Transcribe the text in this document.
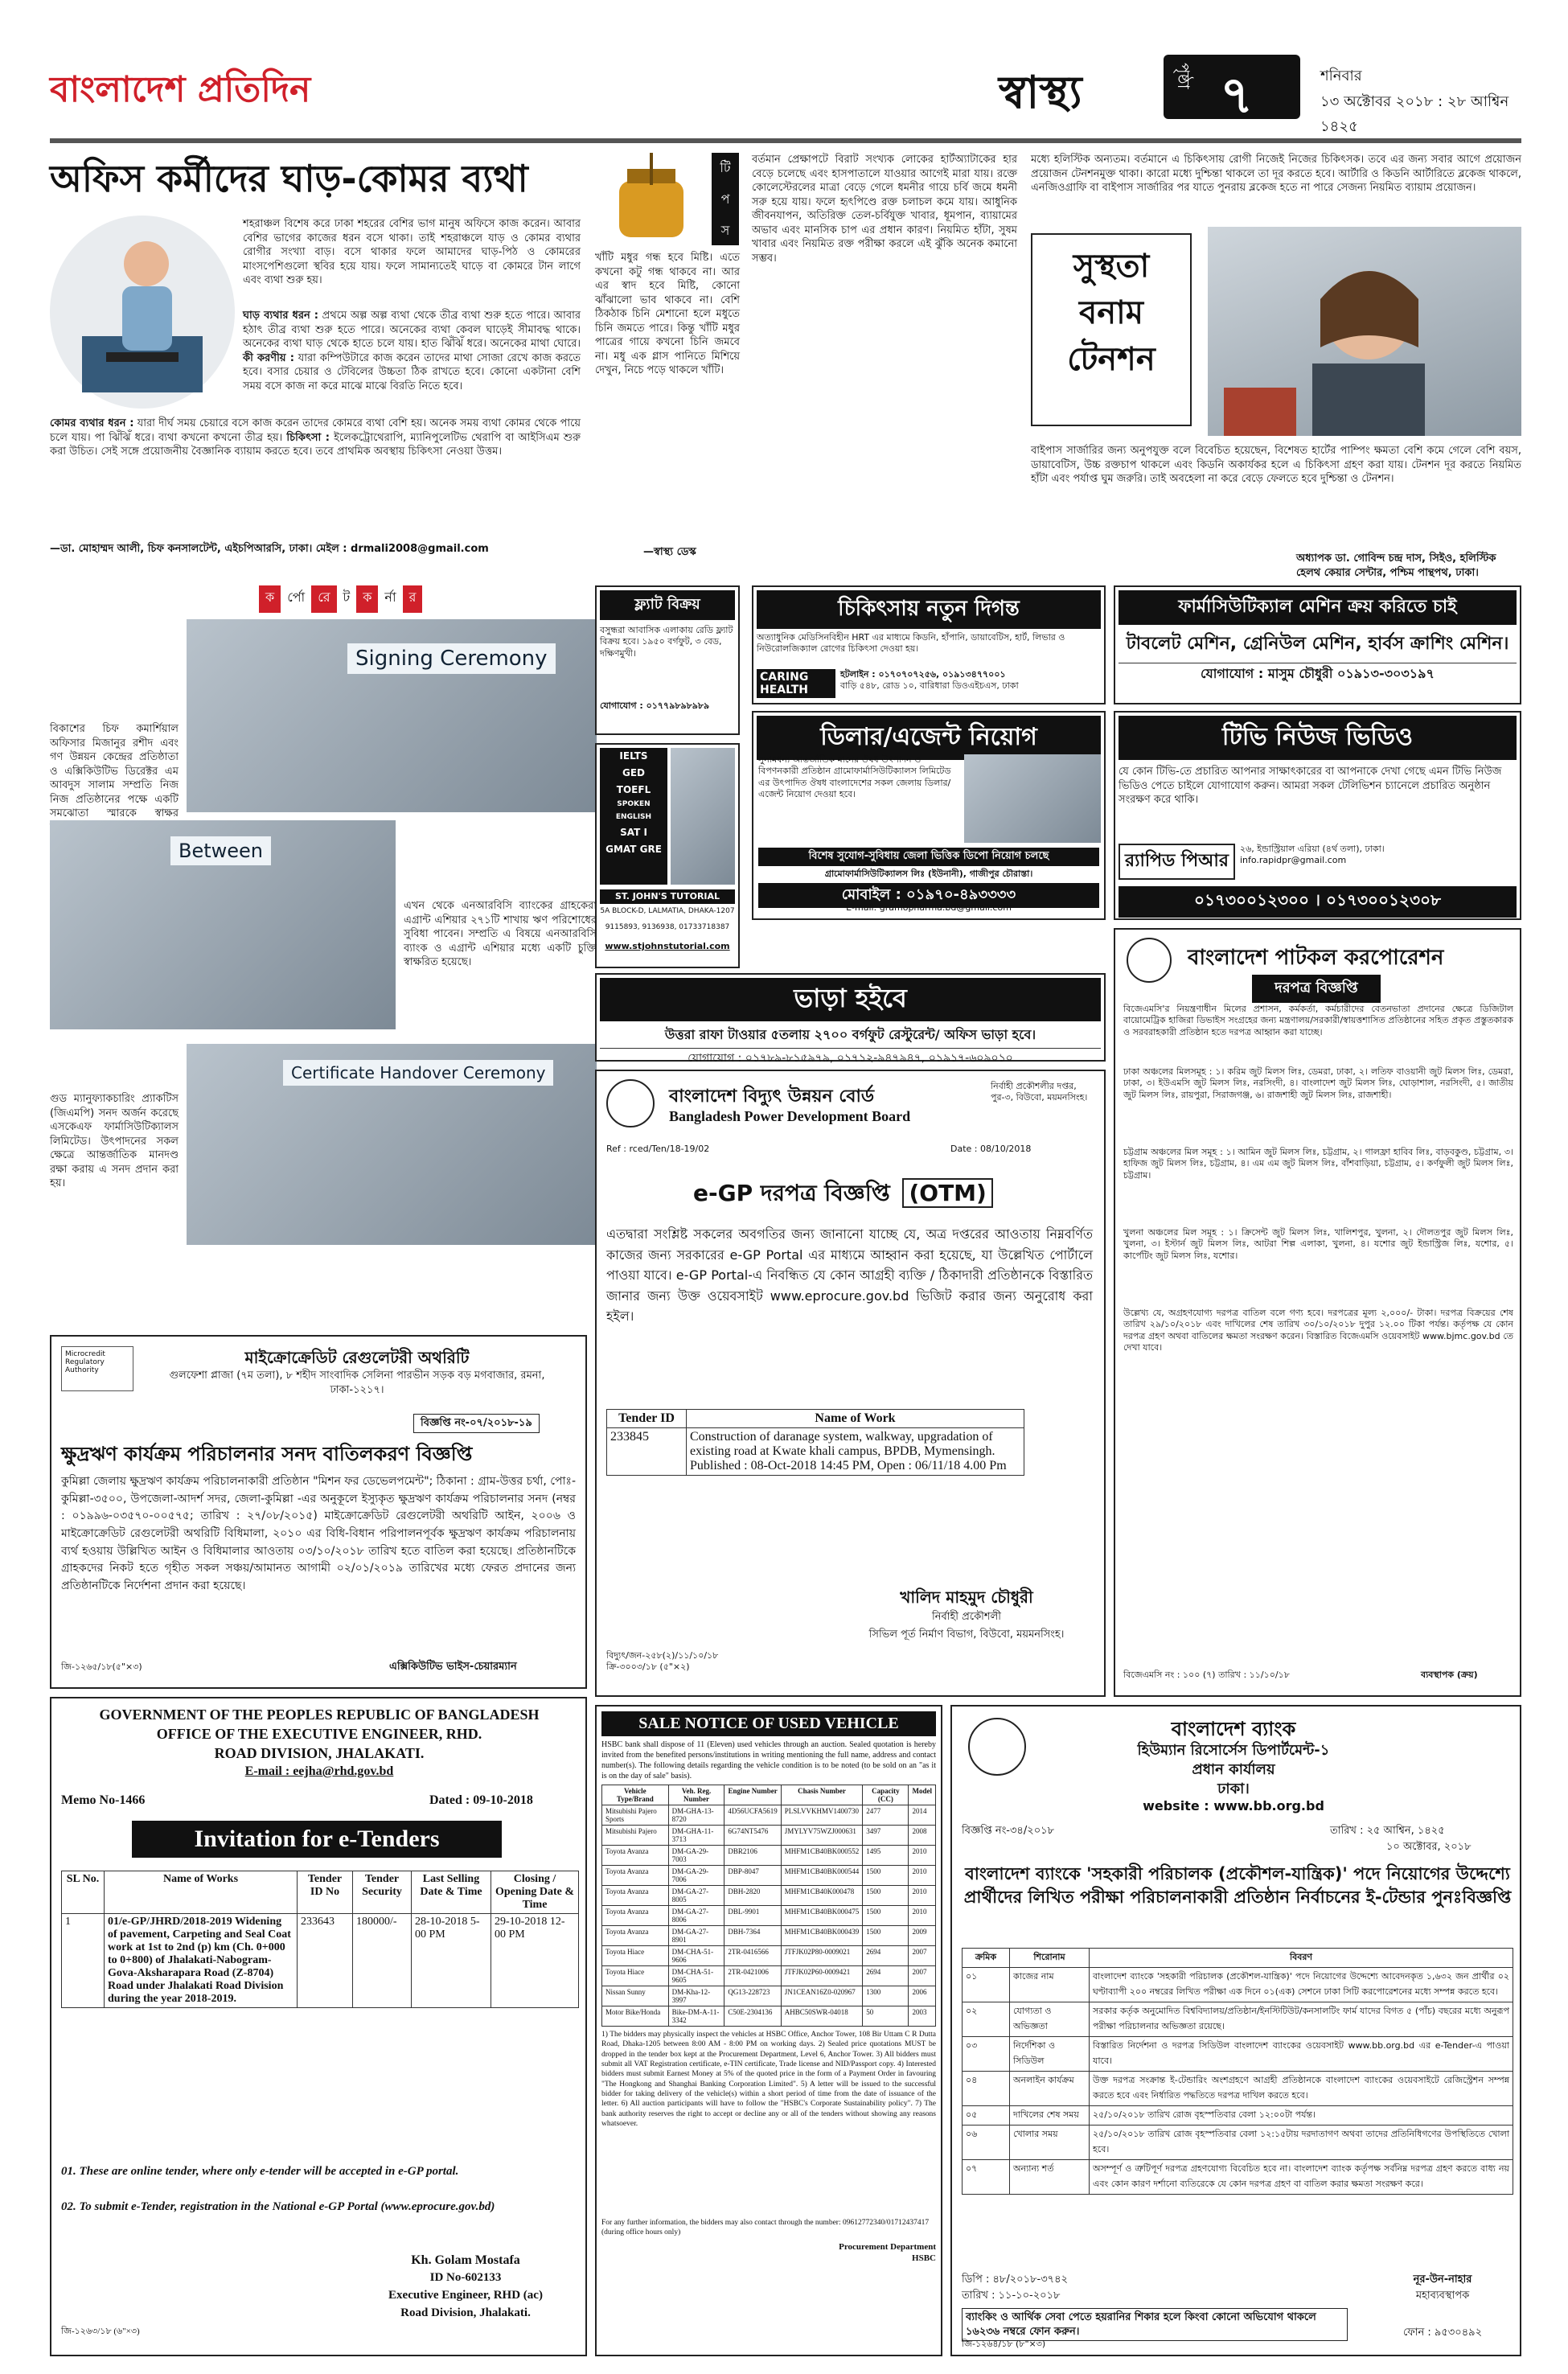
বাংলাদেশ প্রতিদিন	স্বাস্থ্য	পৃষ্ঠা ৭	শনিবার
১৩ অক্টোবর ২০১৮ : ২৮ আশ্বিন ১৪২৫
অফিস কর্মীদের ঘাড়-কোমর ব্যথা
শহরাঞ্চল বিশেষ করে ঢাকা শহরের বেশির ভাগ মানুষ অফিসে কাজ করেন। আবার বেশির ভাগের কাজের ধরন বসে থাকা। তাই শহরাঞ্চলে যাড় ও কোমর ব্যথার রোগীর সংখ্যা বাড়। বসে থাকার ফলে আমাদের ঘাড়-পিঠ ও কোমরের মাংসপেশিগুলো স্থবির হয়ে যায়। ফলে সামান্যতেই ঘাড়ে বা কোমরে টান লাগে এবং ব্যথা শুরু হয়।
ঘাড় ব্যথার ধরন : প্রথমে অল্প অল্প ব্যথা থেকে তীব্র ব্যথা শুরু হতে পারে। আবার হঠাৎ তীব্র ব্যথা শুরু হতে পারে। অনেকের ব্যথা কেবল ঘাড়েই সীমাবদ্ধ থাকে। অনেকের ব্যথা ঘাড় থেকে হাতে চলে যায়। হাত ঝিঁঝিঁ ধরে। অনেকের মাথা ঘোরে। কী করণীয় : যারা কম্পিউটারে কাজ করেন তাদের মাথা সোজা রেখে কাজ করতে হবে। বসার চেয়ার ও টেবিলের উচ্চতা ঠিক রাখতে হবে। কোনো একটানা বেশি সময় বসে কাজ না করে মাঝে মাঝে বিরতি নিতে হবে।
কোমর ব্যথার ধরন : যারা দীর্ঘ সময় চেয়ারে বসে কাজ করেন তাদের কোমরে ব্যথা বেশি হয়। অনেক সময় ব্যথা কোমর থেকে পায়ে চলে যায়। পা ঝিঁঝিঁ ধরে। ব্যথা কখনো কখনো তীব্র হয়। চিকিৎসা : ইলেকট্রোথেরাপি, ম্যানিপুলেটিভ থেরাপি বা আইসিএম শুরু করা উচিত। সেই সঙ্গে প্রয়োজনীয় বৈজ্ঞানিক ব্যায়াম করতে হবে। তবে প্রাথমিক অবস্থায় চিকিৎসা নেওয়া উত্তম।
—ডা. মোহাম্মদ আলী, চিফ কনসালটেন্ট, এইচপিআরসি, ঢাকা। মেইল : drmali2008@gmail.com
টি
প
স
খাঁটি মধুর গন্ধ হবে মিষ্টি। এতে কখনো কটু গন্ধ থাকবে না। আর এর স্বাদ হবে মিষ্টি, কোনো ঝাঁঝালো ভাব থাকবে না। বেশি ঠিকঠাক চিনি মেশানো হলে মধুতে চিনি জমতে পারে। কিন্তু খাঁটি মধুর পাত্রের গায়ে কখনো চিনি জমবে না। মধু এক গ্লাস পানিতে মিশিয়ে দেখুন, নিচে পড়ে থাকলে খাঁটি।
—স্বাস্থ্য ডেস্ক
বর্তমান প্রেক্ষাপটে বিরাট সংখ্যক লোকের হার্টঅ্যাটাকের হার বেড়ে চলেছে এবং হাসপাতালে যাওয়ার আগেই মারা যায়। রক্তে কোলেস্টেরলের মাত্রা বেড়ে গেলে ধমনীর গায়ে চর্বি জমে ধমনী সরু হয়ে যায়। ফলে হৃৎপিণ্ডে রক্ত চলাচল কমে যায়। আধুনিক জীবনযাপন, অতিরিক্ত তেল-চর্বিযুক্ত খাবার, ধূমপান, ব্যায়ামের অভাব এবং মানসিক চাপ এর প্রধান কারণ। নিয়মিত হাঁটা, সুষম খাবার এবং নিয়মিত রক্ত পরীক্ষা করলে এই ঝুঁকি অনেক কমানো সম্ভব।
মধ্যে হলিস্টিক অন্যতম। বর্তমানে এ চিকিৎসায় রোগী নিজেই নিজের চিকিৎসক। তবে এর জন্য সবার আগে প্রয়োজন প্রয়োজন টেনশনমুক্ত থাকা। কারো মধ্যে দুশ্চিন্তা থাকলে তা দূর করতে হবে। আর্টারি ও কিডনি আর্টারিতে ব্লকেজ থাকলে, এনজিওগ্রাফি বা বাইপাস সার্জারির পর যাতে পুনরায় ব্লকেজ হতে না পারে সেজন্য নিয়মিত ব্যায়াম প্রয়োজন।
সুস্থতা
বনাম
টেনশন
বাইপাস সার্জারির জন্য অনুপযুক্ত বলে বিবেচিত হয়েছেন, বিশেষত হার্টের পাম্পিং ক্ষমতা বেশি কমে গেলে বেশি বয়স, ডায়াবেটিস, উচ্চ রক্তচাপ থাকলে এবং কিডনি অকার্যকর হলে এ চিকিৎসা গ্রহণ করা যায়। টেনশন দূর করতে নিয়মিত হাঁটা এবং পর্যাপ্ত ঘুম জরুরি। তাই অবহেলা না করে বেড়ে ফেলতে হবে দুশ্চিন্তা ও টেনশন।
অধ্যাপক ডা. গোবিন্দ চন্দ্র দাস, সিইও, হলিস্টিক হেলথ কেয়ার সেন্টার, পশ্চিম পান্থপথ, ঢাকা।
ক	র্পো	রে	ট	ক	র্না	র
বিকাশের চিফ কমার্শিয়াল অফিসার মিজানুর রশীদ এবং গণ উন্নয়ন কেন্দ্রের প্রতিষ্ঠাতা ও এক্সিকিউটিভ ডিরেক্টর এম আবদুস সালাম সম্প্রতি নিজ নিজ প্রতিষ্ঠানের পক্ষে একটি সমঝোতা স্মারকে স্বাক্ষর
Signing Ceremony
Between
এখন থেকে এনআরবিসি ব্যাংকের গ্রাহকেরা এগ্রান্ট এশিয়ার ২৭১টি শাখায় ঋণ পরিশোধের সুবিধা পাবেন। সম্প্রতি এ বিষয়ে এনআরবিসি ব্যাংক ও এগ্রান্ট এশিয়ার মধ্যে একটি চুক্তি স্বাক্ষরিত হয়েছে।
গুড ম্যানুফ্যাকচারিং প্র্যাকটিস (জিএমপি) সনদ অর্জন করেছে এসকেএফ ফার্মাসিউটিক্যালস লিমিটেড। উৎপাদনের সকল ক্ষেত্রে আন্তর্জাতিক মানদণ্ড রক্ষা করায় এ সনদ প্রদান করা হয়।
Certificate Handover Ceremony
ফ্ল্যাট বিক্রয়
বসুন্ধরা আবাসিক এলাকায় রেডি ফ্ল্যাট বিক্রয় হবে। ১৯৫০ বর্গফুট, ৩ বেড, দক্ষিণমুখী।
যোগাযোগ : ০১৭৭৯৮৯৮৯৮৯
IELTS
GED
TOEFL
SPOKEN ENGLISH
SAT I
GMAT GRE
ST. JOHN'S TUTORIAL
5A BLOCK-D, LALMATIA, DHAKA-1207
9115893, 9136938, 01733718387
www.stjohnstutorial.com
চিকিৎসায় নতুন দিগন্ত
অত্যাধুনিক মেডিসিনবিহীন HRT এর মাধ্যমে কিডনি, হাঁপানি, ডায়াবেটিস, হার্ট, লিভার ও নিউরোলজিক্যাল রোগের চিকিৎসা দেওয়া হয়।
CARING HEALTH
হটলাইন : ০১৭০৭০৭২৫৬, ০১৯১৩৪৭৭০০১
বাড়ি ৫৪৮, রোড ১০, বারিধারা ডিওএইচএস, ঢাকা
ফার্মাসিউটিক্যাল মেশিন ক্রয় করিতে চাই
টাবলেট মেশিন, গ্রেনিউল মেশিন, হার্বস ক্রাশিং মেশিন।
যোগাযোগ : মাসুম চৌধুরী ০১৯১৩-৩০৩১৯৭
ডিলার/এজেন্ট নিয়োগ
সুনামধন্য আন্তর্জাতিক মানের ঔষধ উৎপাদন ও বিপণনকারী প্রতিষ্ঠান গ্রামোফার্মাসিউটিক্যালস লিমিটেড এর উৎপাদিত ঔষধ বাংলাদেশের সকল জেলায় ডিলার/এজেন্ট নিয়োগ দেওয়া হবে।
বিশেষ সুযোগ-সুবিধায় জেলা ভিত্তিক ডিপো নিয়োগ চলছে
গ্রামোফার্মাসিউটিক্যালস লিঃ (ইউনানী), গাজীপুর চৌরাস্তা।
মোবাইল : ০১৯৭০-৪৯৩৩৩৩
E-mail: gramopharma.bd@gmail.com
টিভি নিউজ ভিডিও
যে কোন টিভি-তে প্রচারিত আপনার সাক্ষাৎকারের বা আপনাকে দেখা গেছে এমন টিভি নিউজ ভিডিও পেতে চাইলে যোগাযোগ করুন। আমরা সকল টেলিভিশন চ্যানেলে প্রচারিত অনুষ্ঠান সংরক্ষণ করে থাকি।
র‍্যাপিড পিআর
২৬, ইন্ডাস্ট্রিয়াল এরিয়া (৪র্থ তলা), ঢাকা।
info.rapidpr@gmail.com
০১৭৩০০১২৩০০ । ০১৭৩০০১২৩০৮
ভাড়া হইবে
উত্তরা রাফা টাওয়ার ৫তলায় ২৭০০ বর্গফুট রেস্টুরেন্ট/ অফিস ভাড়া হবে।
যোগাযোগ : ০১৭৮৯-৮১৫৯৭৯, ০১৭১২-৯৪৭৯৪৭, ০১৯১৭-৬০৯০১০
বাংলাদেশ বিদ্যুৎ উন্নয়ন বোর্ড
Bangladesh Power Development Board
নির্বাহী প্রকৌশলীর দপ্তর, পুর-৩, বিউবো, ময়মনসিংহ।
Ref : rced/Ten/18-19/02	Date : 08/10/2018
e-GP দরপত্র বিজ্ঞপ্তি (OTM)
এতদ্বারা সংশ্লিষ্ট সকলের অবগতির জন্য জানানো যাচ্ছে যে, অত্র দপ্তরের আওতায় নিম্নবর্ণিত কাজের জন্য সরকারের e-GP Portal এর মাধ্যমে আহ্বান করা হয়েছে, যা উল্লেখিত পোর্টালে পাওয়া যাবে। e-GP Portal-এ নিবন্ধিত যে কোন আগ্রহী ব্যক্তি / ঠিকাদারী প্রতিষ্ঠানকে বিস্তারিত জানার জন্য উক্ত ওয়েবসাইট www.eprocure.gov.bd ভিজিট করার জন্য অনুরোধ করা হইল।
Tender ID	Name of Work
233845	Construction of daranage system, walkway, upgradation of existing road at Kwate khali campus, BPDB, Mymensingh. Published : 08-Oct-2018 14:45 PM, Open : 06/11/18 4.00 Pm
খালিদ মাহমুদ চৌধুরী
নির্বাহী প্রকৌশলী
সিভিল পূর্ত নির্মাণ বিভাগ, বিউবো, ময়মনসিংহ।
বিদ্যুৎ/জন-২৫৮(২)/১১/১০/১৮ ক্রি-৩০০৩/১৮ (৫"×২)
বাংলাদেশ পাটকল করপোরেশন
দরপত্র বিজ্ঞপ্তি
বিজেএমসি'র নিয়ন্ত্রণাধীন মিলের প্রশাসন, কর্মকর্তা, কর্মচারীদের বেতনভাতা প্রদানের ক্ষেত্রে ডিজিটাল বায়োমেট্রিক হাজিরা ডিভাইস সংগ্রহের জন্য মন্ত্রণালয়/সরকারী/স্বায়ত্তশাসিত প্রতিষ্ঠানের সহিত প্রকৃত প্রস্তুতকারক ও সরবরাহকারী প্রতিষ্ঠান হতে দরপত্র আহ্বান করা যাচ্ছে।
ঢাকা অঞ্চলের মিলসমূহ : ১। করিম জুট মিলস লিঃ, ডেমরা, ঢাকা, ২। লতিফ বাওয়ানী জুট মিলস লিঃ, ডেমরা, ঢাকা, ৩। ইউএমসি জুট মিলস লিঃ, নরসিংদী, ৪। বাংলাদেশ জুট মিলস লিঃ, ঘোড়াশাল, নরসিংদী, ৫। জাতীয় জুট মিলস লিঃ, রায়পুরা, সিরাজগঞ্জ, ৬। রাজশাহী জুট মিলস লিঃ, রাজশাহী।
চট্টগ্রাম অঞ্চলের মিল সমূহ : ১। আমিন জুট মিলস লিঃ, চট্টগ্রাম, ২। গালফ্রা হাবিব লিঃ, বাড়বকুণ্ড, চট্টগ্রাম, ৩। হাফিজ জুট মিলস লিঃ, চট্টগ্রাম, ৪। এম এম জুট মিলস লিঃ, বাঁশবাড়িয়া, চট্টগ্রাম, ৫। কর্ণফুলী জুট মিলস লিঃ, চট্টগ্রাম।
খুলনা অঞ্চলের মিল সমূহ : ১। ক্রিসেন্ট জুট মিলস লিঃ, খালিশপুর, খুলনা, ২। দৌলতপুর জুট মিলস লিঃ, খুলনা, ৩। ইস্টার্ন জুট মিলস লিঃ, আটরা শিল্প এলাকা, খুলনা, ৪। যশোর জুট ইন্ডাস্ট্রিজ লিঃ, যশোর, ৫। কার্পেটিং জুট মিলস লিঃ, যশোর।
উল্লেখ্য যে, অগ্রহণযোগ্য দরপত্র বাতিল বলে গণ্য হবে। দরপত্রের মূল্য ২,০০০/- টাকা। দরপত্র বিক্রয়ের শেষ তারিখ ২৯/১০/২০১৮ এবং দাখিলের শেষ তারিখ ৩০/১০/২০১৮ দুপুর ১২.০০ টিকা পর্যন্ত। কর্তৃপক্ষ যে কোন দরপত্র গ্রহণ অথবা বাতিলের ক্ষমতা সংরক্ষণ করেন। বিস্তারিত বিজেএমসি ওয়েবসাইট www.bjmc.gov.bd তে দেখা যাবে।
বিজেএমসি নং : ১০০ (৭) তারিখ : ১১/১০/১৮	ব্যবস্থাপক (ক্রয়)
Microcredit Regulatory Authority
মাইক্রোক্রেডিট রেগুলেটরী অথরিটি
গুলফেশা প্লাজা (৭ম তলা), ৮ শহীদ সাংবাদিক সেলিনা পারভীন সড়ক বড় মগবাজার, রমনা, ঢাকা-১২১৭।
বিজ্ঞপ্তি নং-০৭/২০১৮-১৯
ক্ষুদ্রঋণ কার্যক্রম পরিচালনার সনদ বাতিলকরণ বিজ্ঞপ্তি
কুমিল্লা জেলায় ক্ষুদ্রঋণ কার্যক্রম পরিচালনাকারী প্রতিষ্ঠান "মিশন ফর ডেভেলপমেন্ট"; ঠিকানা : গ্রাম-উত্তর চর্থা, পোঃ-কুমিল্লা-৩৫০০, উপজেলা-আদর্শ সদর, জেলা-কুমিল্লা -এর অনুকূলে ইস্যুকৃত ক্ষুদ্রঋণ কার্যক্রম পরিচালনার সনদ (নম্বর : ০১৯৯৬-০৩৫৭০-০০৫৭৫; তারিখ : ২৭/০৮/২০১৫) মাইক্রোক্রেডিট রেগুলেটরী অথরিটি আইন, ২০০৬ ও মাইক্রোক্রেডিট রেগুলেটরী অথরিটি বিধিমালা, ২০১০ এর বিধি-বিধান পরিপালনপূর্বক ক্ষুদ্রঋণ কার্যক্রম পরিচালনায় ব্যর্থ হওয়ায় উল্লিখিত আইন ও বিধিমালার আওতায় ০৩/১০/২০১৮ তারিখ হতে বাতিল করা হয়েছে। প্রতিষ্ঠানটিকে গ্রাহকদের নিকট হতে গৃহীত সকল সঞ্চয়/আমানত আগামী ০২/০১/২০১৯ তারিখের মধ্যে ফেরত প্রদানের জন্য প্রতিষ্ঠানটিকে নির্দেশনা প্রদান করা হয়েছে।
জি-১২৬৫/১৮(৫"×৩)	এক্সিকিউটিভ ভাইস-চেয়ারম্যান
GOVERNMENT OF THE PEOPLES REPUBLIC OF BANGLADESH
OFFICE OF THE EXECUTIVE ENGINEER, RHD.
ROAD DIVISION, JHALAKATI.
E-mail : eejha@rhd.gov.bd
Memo No-1466	Dated : 09-10-2018
Invitation for e-Tenders
SL No.	Name of Works	Tender ID No	Tender Security	Last Selling Date & Time	Closing / Opening Date & Time
1	01/e-GP/JHRD/2018-2019 Widening of pavement, Carpeting and Seal Coat work at 1st to 2nd (p) km (Ch. 0+000 to 0+800) of Jhalakati-Nabogram-Gova-Aksharapara Road (Z-8704) Road under Jhalakati Road Division during the year 2018-2019.	233643	180000/-	28-10-2018 5-00 PM	29-10-2018 12-00 PM
01. These are online tender, where only e-tender will be accepted in e-GP portal.
02. To submit e-Tender, registration in the National e-GP Portal (www.eprocure.gov.bd)
Kh. Golam Mostafa
ID No-602133
Executive Engineer, RHD (ac)
Road Division, Jhalakati.
জি-১২৬৩/১৮ (৬"×৩)
SALE NOTICE OF USED VEHICLE
HSBC bank shall dispose of 11 (Eleven) used vehicles through an auction. Sealed quotation is hereby invited from the benefited persons/institutions in writing mentioning the full name, address and contact number(s). The following details regarding the vehicle condition is to be noted (to be sold on an "as it is on the day of sale" basis).
Vehicle Type/Brand	Veh. Reg. Number	Engine Number	Chasis Number	Capacity (CC)	Model
Mitsubishi Pajero Sports	DM-GHA-13-8720	4D56UCFA5619	PLSLVVKHMV1400730	2477	2014
Mitsubishi Pajero	DM-GHA-11-3713	6G74NT5476	JMYLYV75WZJ000631	3497	2008
Toyota Avanza	DM-GA-29-7003	DBR2106	MHFM1CB40BK000552	1495	2010
Toyota Avanza	DM-GA-29-7006	DBP-8047	MHFM1CB40BK000544	1500	2010
Toyota Avanza	DM-GA-27-8005	DBH-2820	MHFM1CB40K000478	1500	2010
Toyota Avanza	DM-GA-27-8006	DBL-9901	MHFM1CB40BK000475	1500	2010
Toyota Avanza	DM-GA-27-8901	DBH-7364	MHFM1CB40BK000439	1500	2009
Toyota Hiace	DM-CHA-51-9606	2TR-0416566	JTFJK02P80-0009021	2694	2007
Toyota Hiace	DM-CHA-51-9605	2TR-0421006	JTFJK02P60-0009421	2694	2007
Nissan Sunny	DM-Kha-12-3997	QG13-228723	JN1CEAN16Z0-020967	1300	2006
Motor Bike/Honda	Bike-DM-A-11-3342	C50E-2304136	AHBC50SWR-04018	50	2003
1) The bidders may physically inspect the vehicles at HSBC Office, Anchor Tower, 108 Bir Uttam C R Dutta Road, Dhaka-1205 between 8:00 AM - 8:00 PM on working days. 2) Sealed price quotations MUST be dropped in the tender box kept at the Procurement Department, Level 6, Anchor Tower. 3) All bidders must submit all VAT Registration certificate, e-TIN certificate, Trade license and NID/Passport copy. 4) Interested bidders must submit Earnest Money at 5% of the quoted price in the form of a Payment Order in favouring "The Hongkong and Shanghai Banking Corporation Limited". 5) A letter will be issued to the successful bidder for taking delivery of the vehicle(s) within a short period of time from the date of issuance of the letter. 6) All auction participants will have to follow the "HSBC's Corporate Sustainability policy". 7) The bank authority reserves the right to accept or decline any or all of the tenders without showing any reasons whatsoever.
For any further information, the bidders may also contact through the number: 09612772340/01712437417 (during office hours only)
Procurement Department
HSBC
বাংলাদেশ ব্যাংক
হিউম্যান রিসোর্সেস ডিপার্টমেন্ট-১
প্রধান কার্যালয়
ঢাকা।
website : www.bb.org.bd
বিজ্ঞপ্তি নং-৩৪/২০১৮	তারিখ : ২৫ আশ্বিন, ১৪২৫
১০ অক্টোবর, ২০১৮
বাংলাদেশ ব্যাংকে 'সহকারী পরিচালক (প্রকৌশল-যান্ত্রিক)' পদে নিয়োগের উদ্দেশ্যে প্রার্থীদের লিখিত পরীক্ষা পরিচালনাকারী প্রতিষ্ঠান নির্বাচনের ই-টেন্ডার পুনঃবিজ্ঞপ্তি
ক্রমিক	শিরোনাম	বিবরণ
০১	কাজের নাম	বাংলাদেশ ব্যাংকে 'সহকারী পরিচালক (প্রকৌশল-যান্ত্রিক)' পদে নিয়োগের উদ্দেশ্যে আবেদনকৃত ১,৬৩২ জন প্রার্থীর ০২ ঘণ্টাব্যাপী ২০০ নম্বরের লিখিত পরীক্ষা এক দিনে ০১(এক) সেশনে ঢাকা সিটি করপোরেশনের মধ্যে সম্পন্ন করতে হবে।
০২	যোগ্যতা ও অভিজ্ঞতা	সরকার কর্তৃক অনুমোদিত বিশ্ববিদ্যালয়/প্রতিষ্ঠান/ইনস্টিটিউট/কনসালটিং ফার্ম যাদের বিগত ৫ (পাঁচ) বছরের মধ্যে অনুরূপ পরীক্ষা পরিচালনার অভিজ্ঞতা রয়েছে।
০৩	নির্দেশিকা ও সিডিউল	বিস্তারিত নির্দেশনা ও দরপত্র সিডিউল বাংলাদেশ ব্যাংকের ওয়েবসাইট www.bb.org.bd এর e-Tender-এ পাওয়া যাবে।
০৪	অনলাইন কার্যক্রম	উক্ত দরপত্র সংক্রান্ত ই-টেন্ডারিং অংশগ্রহণে আগ্রহী প্রতিষ্ঠানকে বাংলাদেশ ব্যাংকের ওয়েবসাইটে রেজিস্ট্রেশন সম্পন্ন করতে হবে এবং নির্ধারিত পদ্ধতিতে দরপত্র দাখিল করতে হবে।
০৫	দাখিলের শেষ সময়	২৫/১০/২০১৮ তারিখ রোজ বৃহস্পতিবার বেলা ১২:০০টা পর্যন্ত।
০৬	খোলার সময়	২৫/১০/২০১৮ তারিখ রোজ বৃহস্পতিবার বেলা ১২:১৫টায় দরদাতাগণ অথবা তাদের প্রতিনিধিগণের উপস্থিতিতে খোলা হবে।
০৭	অন্যান্য শর্ত	অসম্পূর্ণ ও ত্রুটিপূর্ণ দরপত্র গ্রহণযোগ্য বিবেচিত হবে না। বাংলাদেশ ব্যাংক কর্তৃপক্ষ সর্বনিম্ন দরপত্র গ্রহণ করতে বাধ্য নয় এবং কোন কারণ দর্শানো ব্যতিরেকে যে কোন দরপত্র গ্রহণ বা বাতিল করার ক্ষমতা সংরক্ষণ করে।
ডিপি : ৪৮/২০১৮-৩৭৪২
তারিখ : ১১-১০-২০১৮
নূর-উন-নাহার
মহাব্যবস্থাপক
ফোন : ৯৫৩০৪৯২
ব্যাংকিং ও আর্থিক সেবা পেতে হয়রানির শিকার হলে কিংবা কোনো অভিযোগ থাকলে ১৬২৩৬ নম্বরে ফোন করুন।
জি-১২৬৪/১৮ (৮"×৩)
